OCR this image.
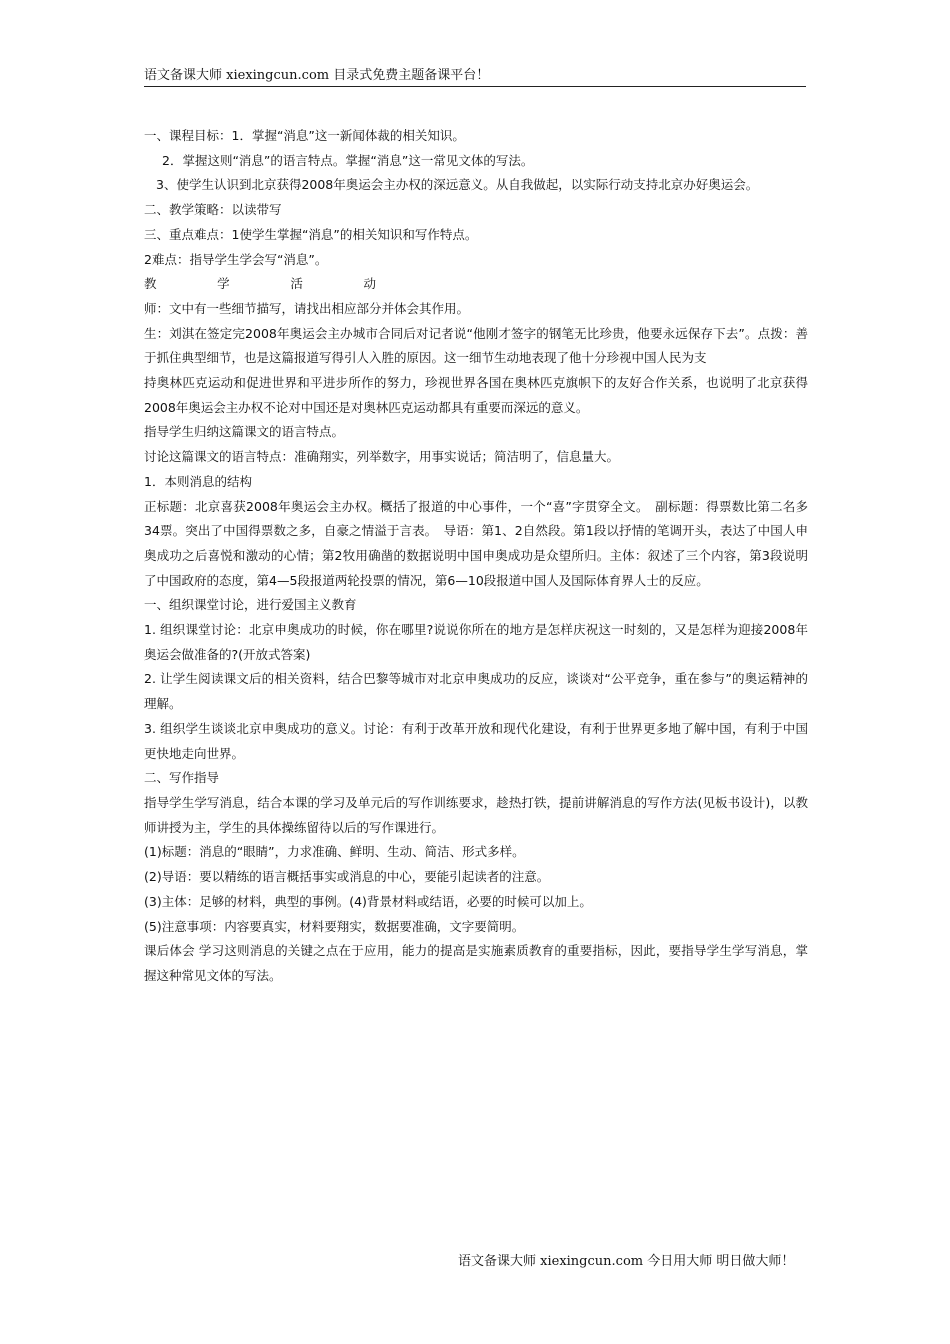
语文备课大师 xiexingcun.com 目录式免费主题备课平台！

一、课程目标：1．掌握“消息”这一新闻体裁的相关知识。

2．掌握这则“消息”的语言特点。掌握“消息”这一常见文体的写法。

3、使学生认识到北京获得2008年奥运会主办权的深远意义。从自我做起，以实际行动支持北京办好奥运会。

二、教学策略：以读带写

三、重点难点：1使学生掌握“消息”的相关知识和写作特点。

2难点：指导学生学会写“消息”。

教	学	活	动

师：文中有一些细节描写，请找出相应部分并体会其作用。

生：刘淇在签定完2008年奥运会主办城市合同后对记者说“他刚才签字的钢笔无比珍贵，他要永远保存下去”。点拨：善于抓住典型细节，也是这篇报道写得引人入胜的原因。这一细节生动地表现了他十分珍视中国人民为支

持奥林匹克运动和促进世界和平进步所作的努力，珍视世界各国在奥林匹克旗帜下的友好合作关系，也说明了北京获得2008年奥运会主办权不论对中国还是对奥林匹克运动都具有重要而深远的意义。

指导学生归纳这篇课文的语言特点。

讨论这篇课文的语言特点：准确翔实，列举数字，用事实说话；简洁明了，信息量大。

1．本则消息的结构

正标题：北京喜获2008年奥运会主办权。概括了报道的中心事件，一个“喜”字贯穿全文。　副标题：得票数比第二名多34票。突出了中国得票数之多，自豪之情溢于言表。　导语：第1、2自然段。第1段以抒情的笔调开头，表达了中国人申奥成功之后喜悦和激动的心情；第2牧用确凿的数据说明中国申奥成功是众望所归。主体：叙述了三个内容，第3段说明了中国政府的态度，第4—5段报道两轮投票的情况，第6—10段报道中国人及国际体育界人士的反应。

一、组织课堂讨论，进行爱国主义教育

1. 组织课堂讨论：北京申奥成功的时候，你在哪里?说说你所在的地方是怎样庆祝这一时刻的，又是怎样为迎接2008年奥运会做准备的?(开放式答案)

2. 让学生阅读课文后的相关资料，结合巴黎等城市对北京申奥成功的反应，谈谈对“公平竞争，重在参与”的奥运精神的理解。

3. 组织学生谈谈北京申奥成功的意义。讨论：有利于改革开放和现代化建设，有利于世界更多地了解中国，有利于中国更快地走向世界。

二、写作指导

指导学生学写消息，结合本课的学习及单元后的写作训练要求，趁热打铁，提前讲解消息的写作方法(见板书设计)，以教师讲授为主，学生的具体操练留待以后的写作课进行。

(1)标题：消息的“眼睛”，力求准确、鲜明、生动、简洁、形式多样。

(2)导语：要以精练的语言概括事实或消息的中心，要能引起读者的注意。

(3)主体：足够的材料，典型的事例。(4)背景材料或结语，必要的时候可以加上。

(5)注意事项：内容要真实，材料要翔实，数据要准确，文字要简明。

课后体会 学习这则消息的关键之点在于应用，能力的提高是实施素质教育的重要指标，因此，要指导学生学写消息，掌握这种常见文体的写法。

语文备课大师 xiexingcun.com 今日用大师 明日做大师！
